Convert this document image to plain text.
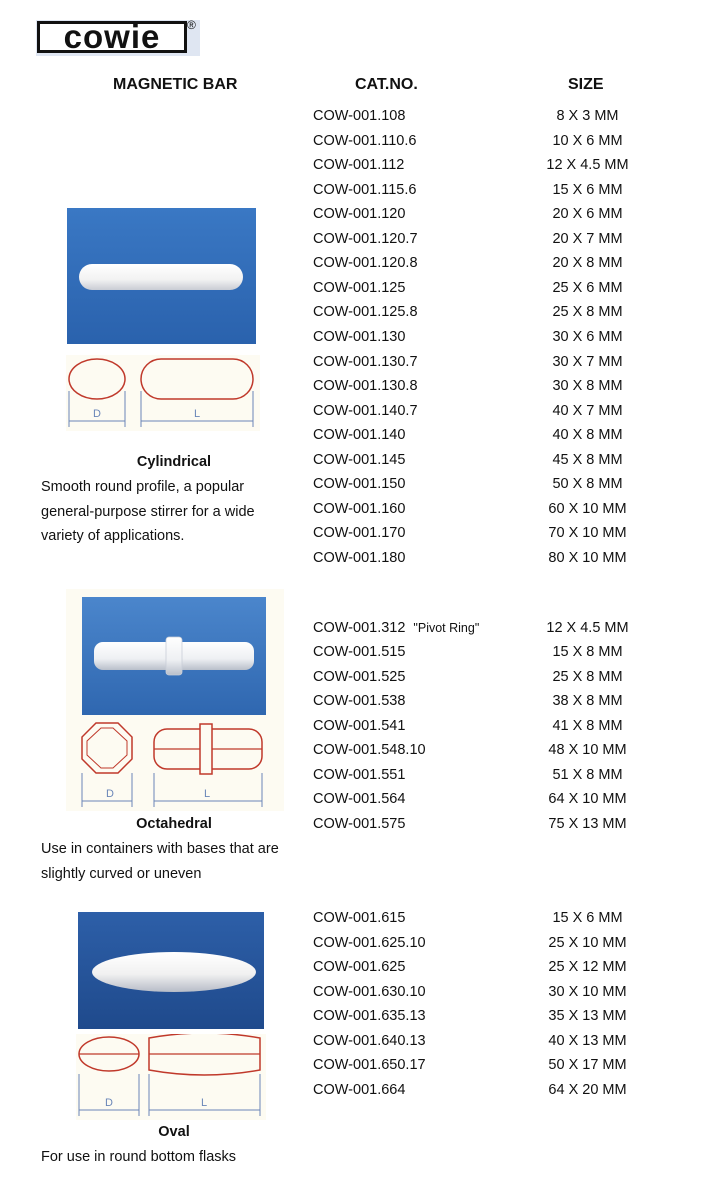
cowie ®
MAGNETIC BAR	CAT.NO.	SIZE
D	L
Cylindrical
Smooth round profile, a popular
general-purpose stirrer for a wide
variety of applications.
COW-001.108	8 X 3 MM
COW-001.110.6	10 X 6 MM
COW-001.112	12 X 4.5 MM
COW-001.115.6	15 X 6 MM
COW-001.120	20 X 6 MM
COW-001.120.7	20 X 7 MM
COW-001.120.8	20 X 8 MM
COW-001.125	25 X 6 MM
COW-001.125.8	25 X 8 MM
COW-001.130	30 X 6 MM
COW-001.130.7	30 X 7 MM
COW-001.130.8	30 X 8 MM
COW-001.140.7	40 X 7 MM
COW-001.140	40 X 8 MM
COW-001.145	45 X 8 MM
COW-001.150	50 X 8 MM
COW-001.160	60 X 10 MM
COW-001.170	70 X 10 MM
COW-001.180	80 X 10 MM
D	L
Octahedral
Use in containers with bases that are
slightly curved or uneven
COW-001.312 "Pivot Ring"	12 X 4.5 MM
COW-001.515	15 X 8 MM
COW-001.525	25 X 8 MM
COW-001.538	38 X 8 MM
COW-001.541	41 X 8 MM
COW-001.548.10	48 X 10 MM
COW-001.551	51 X 8 MM
COW-001.564	64 X 10 MM
COW-001.575	75 X 13 MM
D	L
Oval
For use in round bottom flasks
COW-001.615	15 X 6 MM
COW-001.625.10	25 X 10 MM
COW-001.625	25 X 12 MM
COW-001.630.10	30 X 10 MM
COW-001.635.13	35 X 13 MM
COW-001.640.13	40 X 13 MM
COW-001.650.17	50 X 17 MM
COW-001.664	64 X 20 MM
